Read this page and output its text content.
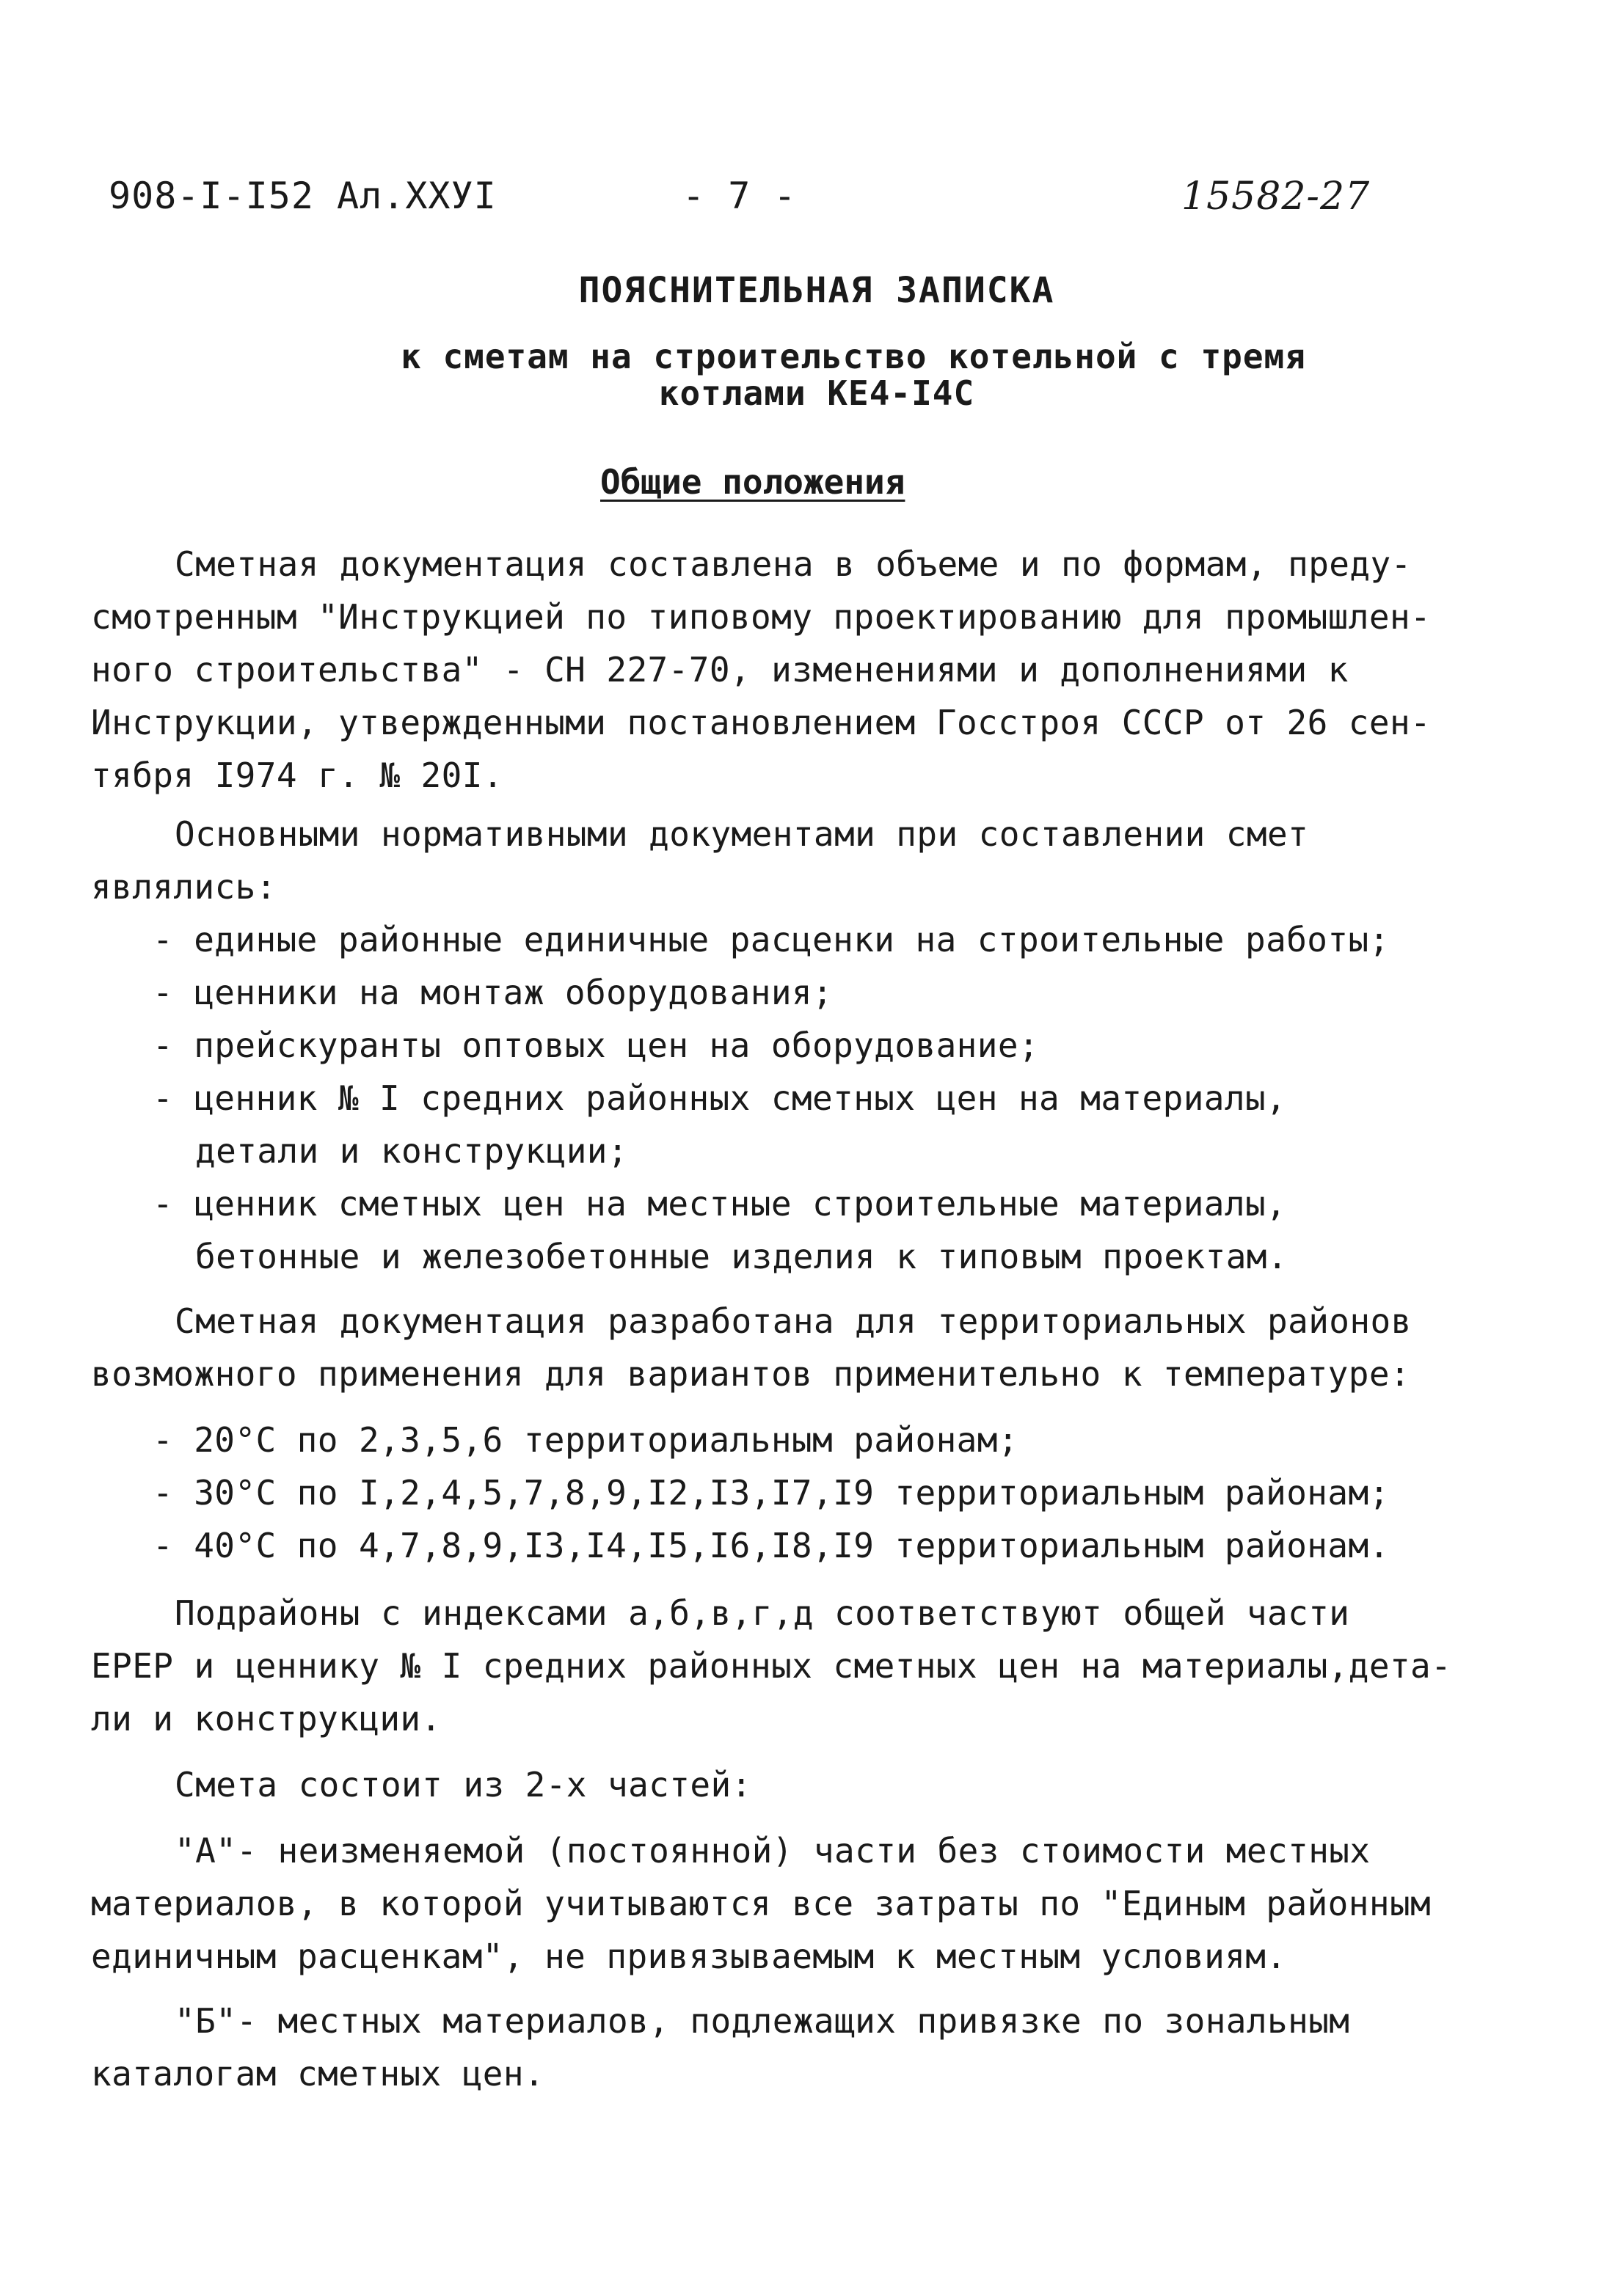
908-I-I52 Ал.XXУI	- 7 -	15582-27
ПОЯСНИТЕЛЬНАЯ ЗАПИСКА
к сметам на строительство котельной с тремя
котлами КЕ4-I4С
Общие положения
Сметная документация составлена в объеме и по формам, преду-
смотренным "Инструкцией по типовому проектированию для промышлен-
ного строительства" - СН 227-70, изменениями и дополнениями к
Инструкции, утвержденными постановлением Госстроя СССР от 26 сен-
тября I974 г. № 20I.
Основными нормативными документами при составлении смет
являлись:
- единые районные единичные расценки на строительные работы;
- ценники на монтаж оборудования;
- прейскуранты оптовых цен на оборудование;
- ценник № I средних районных сметных цен на материалы,
детали и конструкции;
- ценник сметных цен на местные строительные материалы,
бетонные и железобетонные изделия к типовым проектам.
Сметная документация разработана для территориальных районов
возможного применения для вариантов применительно к температуре:
- 20°С по 2,3,5,6 территориальным районам;
- 30°С по I,2,4,5,7,8,9,I2,I3,I7,I9 территориальным районам;
- 40°С по 4,7,8,9,I3,I4,I5,I6,I8,I9 территориальным районам.
Подрайоны с индексами а,б,в,г,д соответствуют общей части
ЕРЕР и ценнику № I средних районных сметных цен на материалы,дета-
ли и конструкции.
Смета состоит из 2-х частей:
"А"- неизменяемой (постоянной) части без стоимости местных
материалов, в которой учитываются все затраты по "Единым районным
единичным расценкам", не привязываемым к местным условиям.
"Б"- местных материалов, подлежащих привязке по зональным
каталогам сметных цен.
